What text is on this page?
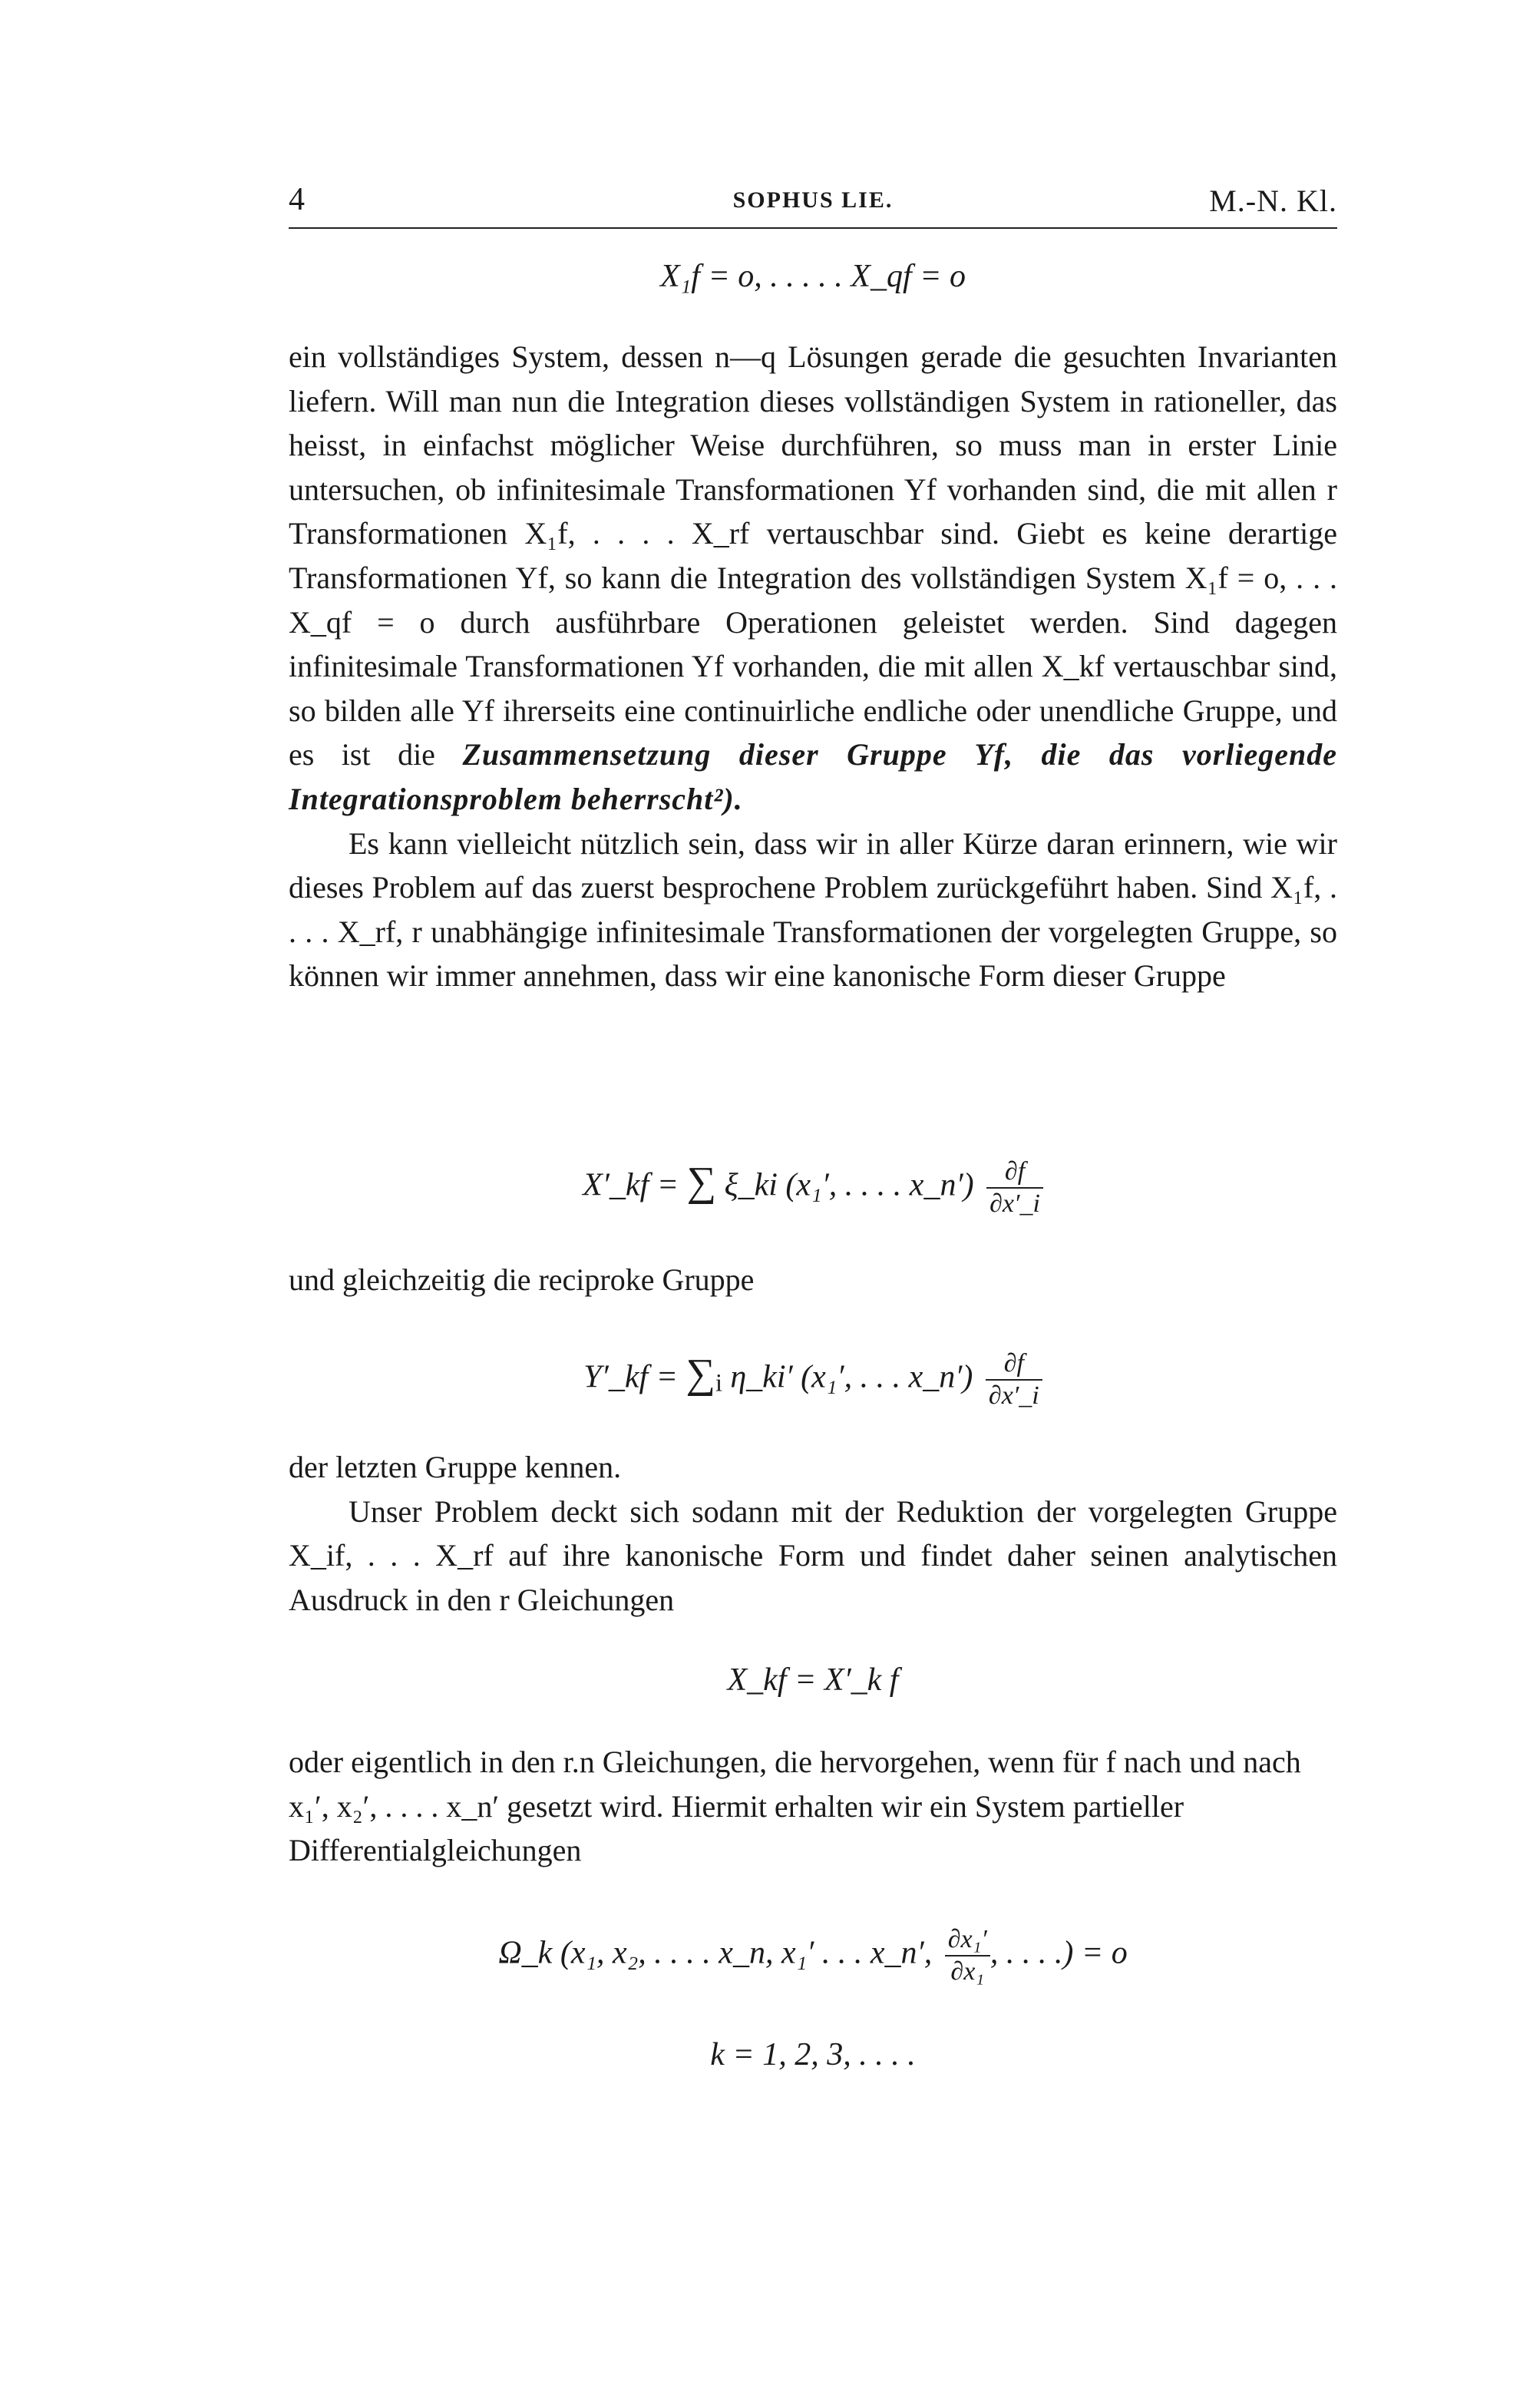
4	SOPHUS LIE.	M.-N. Kl.
X₁f = o, . . . . . X_qf = o
ein vollständiges System, dessen n—q Lösungen gerade die gesuchten Invarianten liefern. Will man nun die Integration dieses vollständigen System in rationeller, das heisst, in einfachst möglicher Weise durchführen, so muss man in erster Linie untersuchen, ob infinitesimale Transformationen Yf vorhanden sind, die mit allen r Transformationen X₁f, . . . . X_rf vertauschbar sind. Giebt es keine derartige Transformationen Yf, so kann die Integration des vollständigen System X₁f = o, . . . X_qf = o durch ausführbare Operationen geleistet werden. Sind dagegen infinitesimale Transformationen Yf vorhanden, die mit allen X_kf vertauschbar sind, so bilden alle Yf ihrerseits eine continuirliche endliche oder unendliche Gruppe, und es ist die Zusammensetzung dieser Gruppe Yf, die das vorliegende Integrationsproblem beherrscht²).
Es kann vielleicht nützlich sein, dass wir in aller Kürze daran erinnern, wie wir dieses Problem auf das zuerst besprochene Problem zurückgeführt haben. Sind X₁f, . . . . X_rf, r unabhängige infinitesimale Transformationen der vorgelegten Gruppe, so können wir immer annehmen, dass wir eine kanonische Form dieser Gruppe
X′_kf = ∑ ξ_ki (x₁′, . . . . x_n′) $\frac{\partial f}{\partial x'\_i}$
und gleichzeitig die reciproke Gruppe
Y′_kf = ∑ᵢ η_ki′ (x₁′, . . . x_n′) $\frac{\partial f}{\partial x'\_i}$
der letzten Gruppe kennen.
Unser Problem deckt sich sodann mit der Reduktion der vorgelegten Gruppe X_if, . . . X_rf auf ihre kanonische Form und findet daher seinen analytischen Ausdruck in den r Gleichungen
X_kf = X′_k f
oder eigentlich in den r.n Gleichungen, die hervorgehen, wenn für f nach und nach x₁′, x₂′, . . . . x_n′ gesetzt wird. Hiermit erhalten wir ein System partieller Differentialgleichungen
Ω_k (x₁, x₂, . . . . x_n, x₁′ . . . x_n′, $\frac{\text{∂x₁′}}{\text{∂x₁}}$ , . . . .) = o
k = 1, 2, 3, . . . .
